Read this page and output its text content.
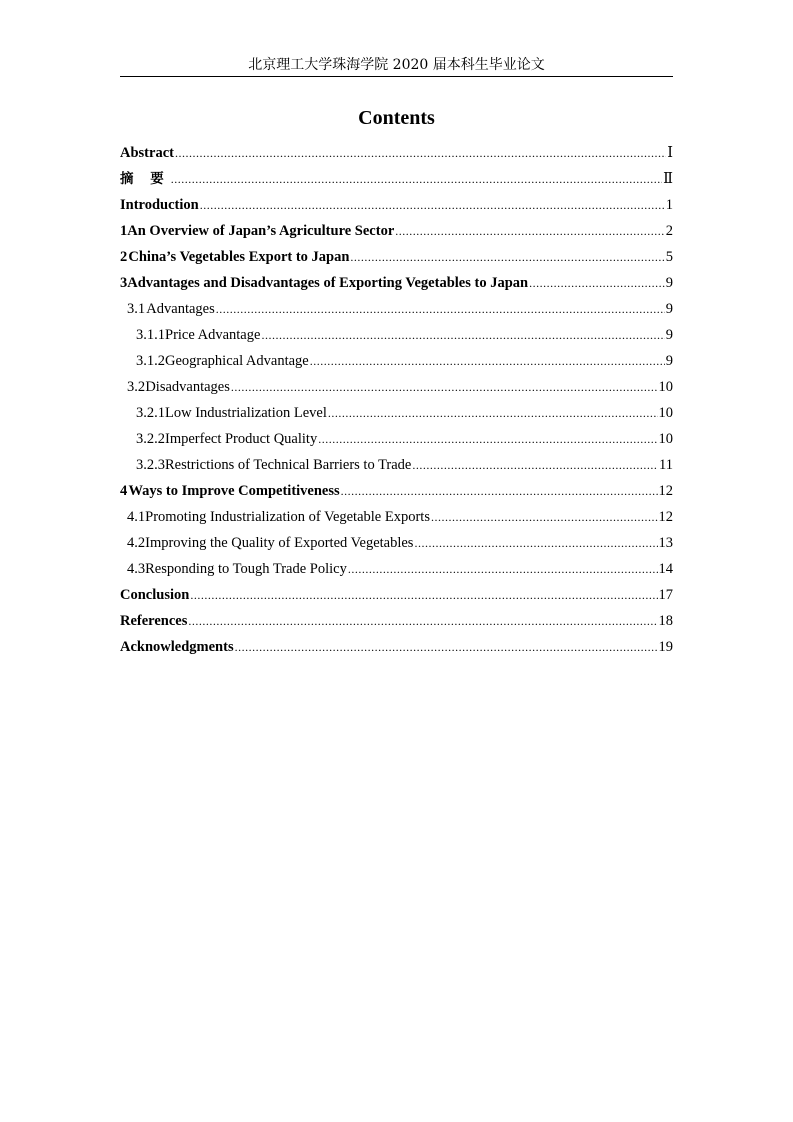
北京理工大学珠海学院 2020 届本科生毕业论文
Contents
Abstract .....	Ⅰ
摘 要 .....	Ⅱ
Introduction .....	1
1 An Overview of Japan’s Agriculture Sector .....	2
2 China’s Vegetables Export to Japan .....	5
3 Advantages and Disadvantages of Exporting Vegetables to Japan .....	9
3.1 Advantages .....	9
3.1.1 Price Advantage .....	9
3.1.2 Geographical Advantage .....	9
3.2 Disadvantages .....	10
3.2.1 Low Industrialization Level .....	10
3.2.2 Imperfect Product Quality .....	10
3.2.3 Restrictions of Technical Barriers to Trade .....	11
4 Ways to Improve Competitiveness .....	12
4.1 Promoting Industrialization of Vegetable Exports .....	12
4.2 Improving the Quality of Exported Vegetables .....	13
4.3 Responding to Tough Trade Policy .....	14
Conclusion .....	17
References .....	18
Acknowledgments .....	19
